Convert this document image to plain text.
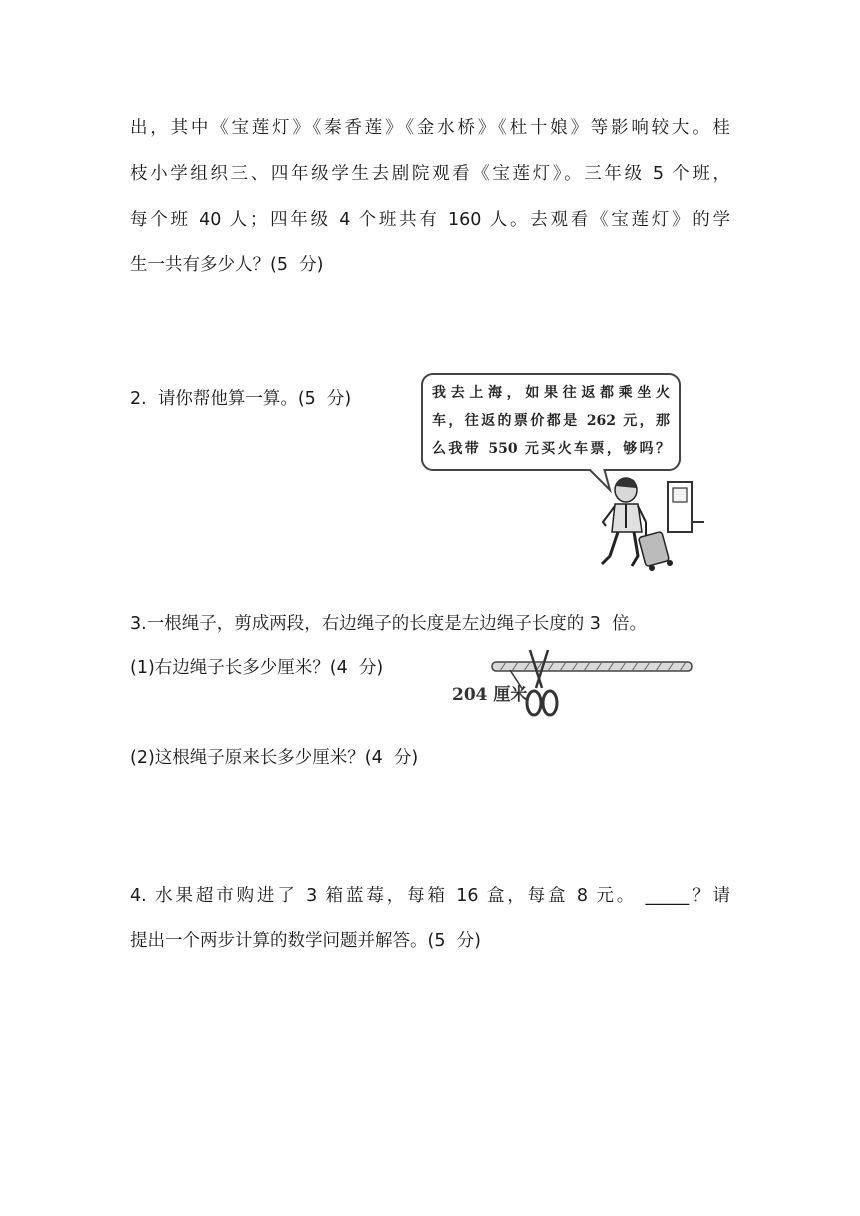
出，其中《宝莲灯》《秦香莲》《金水桥》《杜十娘》等影响较大。桂
枝小学组织三、四年级学生去剧院观看《宝莲灯》。三年级 5 个班，
每个班 40 人；四年级 4 个班共有 160 人。去观看《宝莲灯》的学
生一共有多少人？(5  分)
2.  请你帮他算一算。(5  分)	我去上海，如果往返都乘坐火
车，往返的票价都是 262 元，那
么我带 550 元买火车票，够吗？
3.一根绳子，剪成两段，右边绳子的长度是左边绳子长度的 3  倍。
(1)右边绳子长多少厘米？(4  分)
204 厘米
(2)这根绳子原来长多少厘米？(4  分)
4. 水果超市购进了 3 箱蓝莓，每箱 16 盒，每盒 8 元。 _____？请
提出一个两步计算的数学问题并解答。(5  分)
